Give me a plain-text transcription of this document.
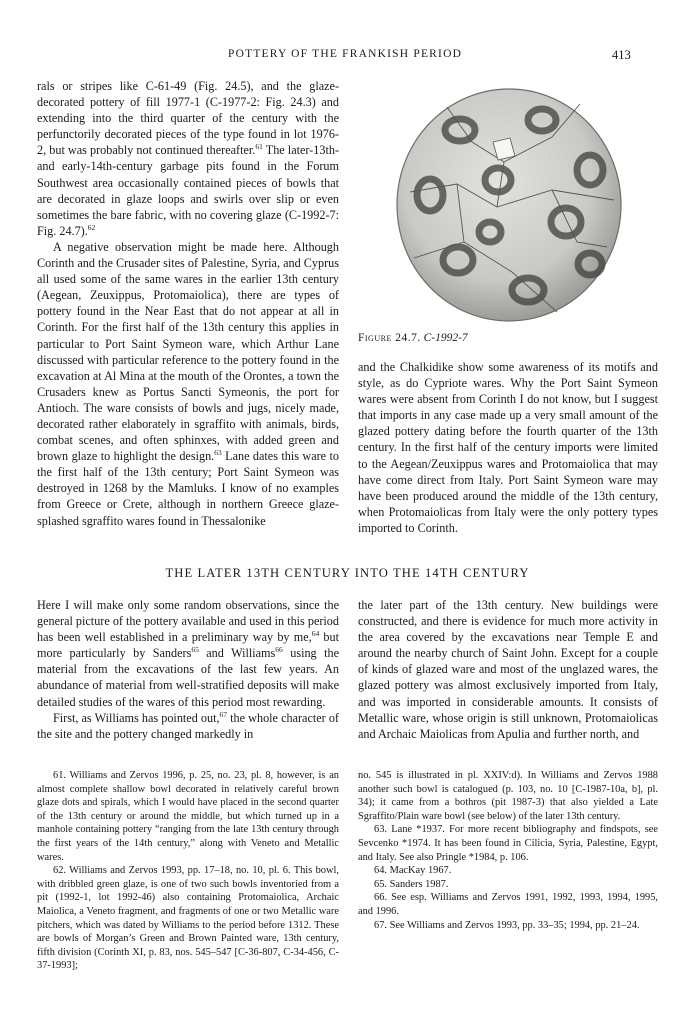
POTTERY OF THE FRANKISH PERIOD	413

rals or stripes like C-61-49 (Fig. 24.5), and the glaze-decorated pottery of fill 1977-1 (C-1977-2: Fig. 24.3) and extending into the third quarter of the century with the perfunctorily decorated pieces of the type found in lot 1976-2, but was probably not continued thereafter.$^{61}$ The later-13th- and early-14th-century garbage pits found in the Forum Southwest area occasionally contained pieces of bowls that are decorated in glaze loops and swirls over slip or even sometimes the bare fabric, with no covering glaze (C-1992-7: Fig. 24.7).$^{62}$

A negative observation might be made here. Although Corinth and the Crusader sites of Palestine, Syria, and Cyprus all used some of the same wares in the earlier 13th century (Aegean, Zeuxippus, Protomaiolica), there are types of pottery found in the Near East that do not appear at all in Corinth. For the first half of the 13th century this applies in particular to Port Saint Symeon ware, which Arthur Lane discussed with particular reference to the pottery found in the excavation at Al Mina at the mouth of the Orontes, a town the Crusaders knew as Portus Sancti Symeonis, the port for Antioch. The ware consists of bowls and jugs, nicely made, decorated rather elaborately in sgraffito with animals, birds, combat scenes, and often sphinxes, with added green and brown glaze to highlight the design.$^{63}$ Lane dates this ware to the first half of the 13th century; Port Saint Symeon was destroyed in 1268 by the Mamluks. I know of no examples from Greece or Crete, although in northern Greece glaze-splashed sgraffito wares found in Thessalonike

Figure 24.7. C-1992-7

and the Chalkidike show some awareness of its motifs and style, as do Cypriote wares. Why the Port Saint Symeon wares were absent from Corinth I do not know, but I suggest that imports in any case made up a very small amount of the glazed pottery dating before the fourth quarter of the 13th century. In the first half of the century imports were limited to the Aegean/Zeuxippus wares and Protomaiolica that may have come direct from Italy. Port Saint Symeon ware may have been produced around the middle of the 13th century, when Protomaiolicas from Italy were the only pottery types imported to Corinth.

THE LATER 13TH CENTURY INTO THE 14TH CENTURY

Here I will make only some random observations, since the general picture of the pottery available and used in this period has been well established in a preliminary way by me,$^{64}$ but more particularly by Sanders$^{65}$ and Williams$^{66}$ using the material from the excavations of the last few years. An abundance of material from well-stratified deposits will make detailed studies of the wares of this period most rewarding.

First, as Williams has pointed out,$^{67}$ the whole character of the site and the pottery changed markedly in

the later part of the 13th century. New buildings were constructed, and there is evidence for much more activity in the area covered by the excavations near Temple E and around the nearby church of Saint John. Except for a couple of kinds of glazed ware and most of the unglazed wares, the glazed pottery was almost exclusively imported from Italy, and was imported in considerable amounts. It consists of Metallic ware, whose origin is still unknown, Protomaiolicas and Archaic Maiolicas from Apulia and further north, and

61. Williams and Zervos 1996, p. 25, no. 23, pl. 8, however, is an almost complete shallow bowl decorated in relatively careful brown glaze dots and spirals, which I would have placed in the second quarter of the 13th century or around the middle, but which turned up in a manhole containing pottery “ranging from the late 13th century through the first years of the 14th century,” along with Veneto and Metallic wares.

62. Williams and Zervos 1993, pp. 17–18, no. 10, pl. 6. This bowl, with dribbled green glaze, is one of two such bowls inventoried from a pit (1992-1, lot 1992-46) also containing Protomaiolica, Archaic Maiolica, a Veneto fragment, and fragments of one or two Metallic ware pitchers, which was dated by Williams to the period before 1312. These are bowls of Morgan’s Green and Brown Painted ware, 13th century, fifth division (Corinth XI, p. 83, nos. 545–547 [C-36-807, C-34-456, C-37-1993];

no. 545 is illustrated in pl. XXIV:d). In Williams and Zervos 1988 another such bowl is catalogued (p. 103, no. 10 [C-1987-10a, b], pl. 34); it came from a bothros (pit 1987-3) that also yielded a Late Sgraffito/Plain ware bowl (see below) of the later 13th century.

63. Lane *1937. For more recent bibliography and findspots, see Sevcenko *1974. It has been found in Cilicia, Syria, Palestine, Egypt, and Italy. See also Pringle *1984, p. 106.

64. MacKay 1967.

65. Sanders 1987.

66. See esp. Williams and Zervos 1991, 1992, 1993, 1994, 1995, and 1996.

67. See Williams and Zervos 1993, pp. 33–35; 1994, pp. 21–24.
